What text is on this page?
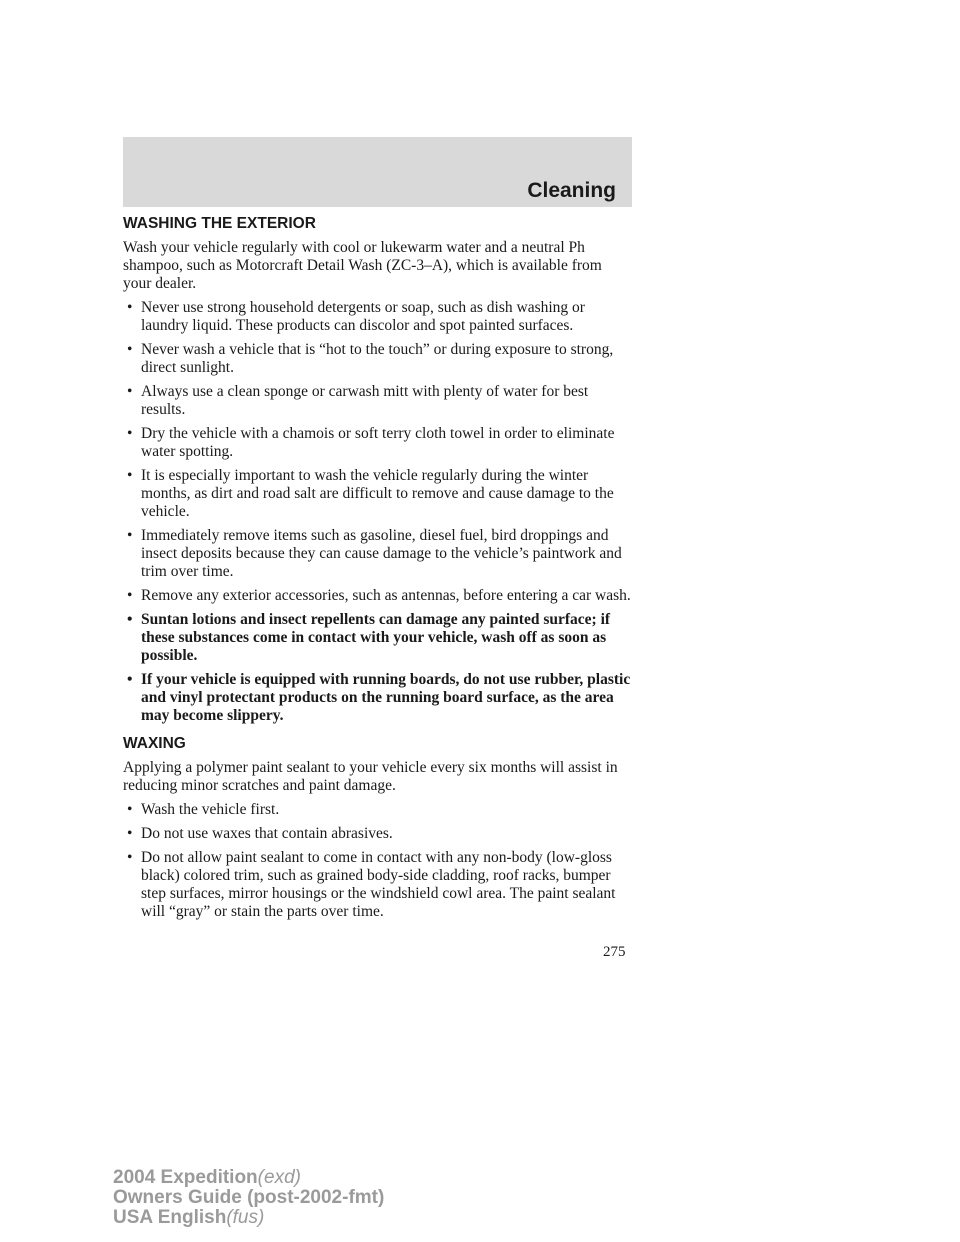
Cleaning
WASHING THE EXTERIOR

Wash your vehicle regularly with cool or lukewarm water and a neutral Ph shampoo, such as Motorcraft Detail Wash (ZC-3–A), which is available from your dealer.

• Never use strong household detergents or soap, such as dish washing or laundry liquid. These products can discolor and spot painted surfaces.
• Never wash a vehicle that is “hot to the touch” or during exposure to strong, direct sunlight.
• Always use a clean sponge or carwash mitt with plenty of water for best results.
• Dry the vehicle with a chamois or soft terry cloth towel in order to eliminate water spotting.
• It is especially important to wash the vehicle regularly during the winter months, as dirt and road salt are difficult to remove and cause damage to the vehicle.
• Immediately remove items such as gasoline, diesel fuel, bird droppings and insect deposits because they can cause damage to the vehicle’s paintwork and trim over time.
• Remove any exterior accessories, such as antennas, before entering a car wash.
• Suntan lotions and insect repellents can damage any painted surface; if these substances come in contact with your vehicle, wash off as soon as possible.
• If your vehicle is equipped with running boards, do not use rubber, plastic and vinyl protectant products on the running board surface, as the area may become slippery.
WAXING

Applying a polymer paint sealant to your vehicle every six months will assist in reducing minor scratches and paint damage.

• Wash the vehicle first.
• Do not use waxes that contain abrasives.
• Do not allow paint sealant to come in contact with any non-body (low-gloss black) colored trim, such as grained body-side cladding, roof racks, bumper step surfaces, mirror housings or the windshield cowl area. The paint sealant will “gray” or stain the parts over time.
275
2004 Expedition(exd)
Owners Guide (post-2002-fmt)
USA English(fus)
